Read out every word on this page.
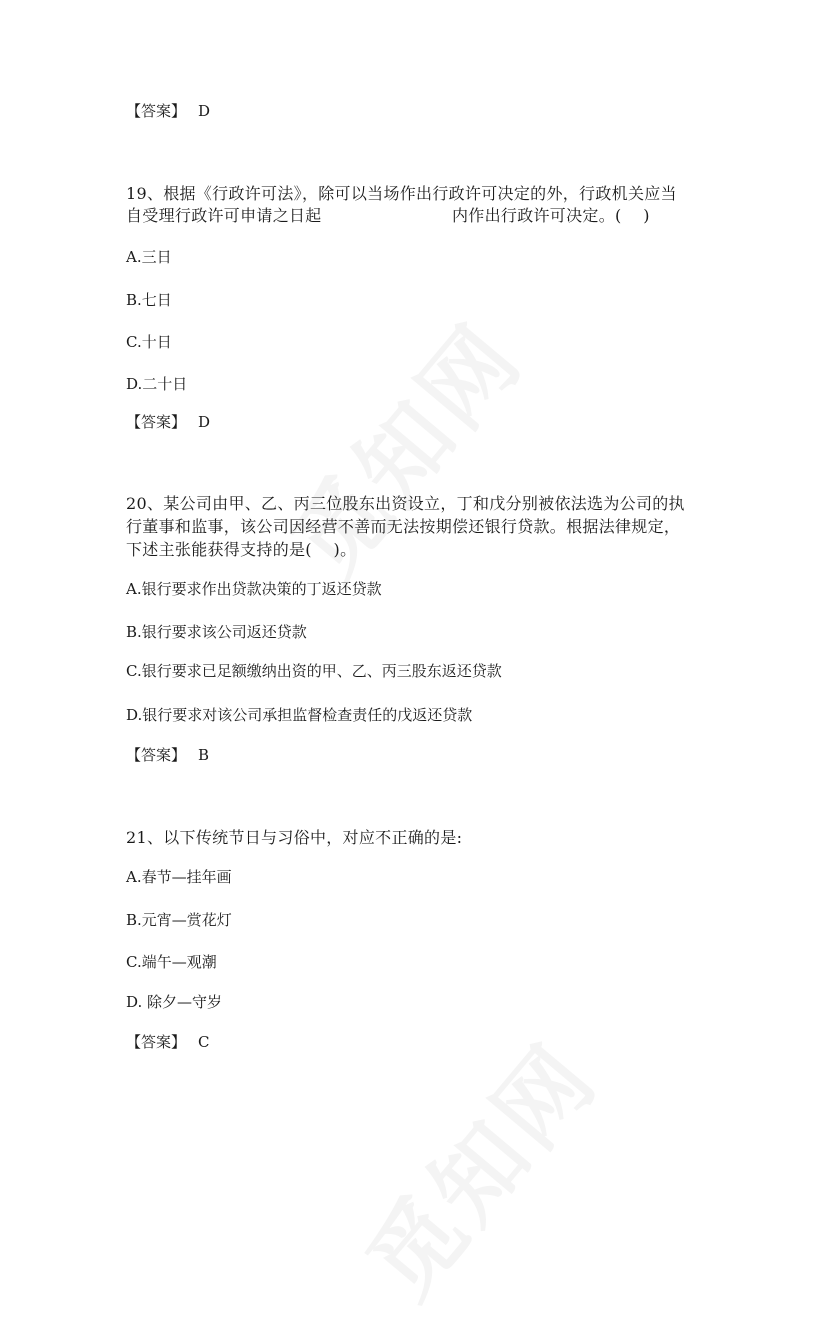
【答案】 D
19、根据《行政许可法》，除可以当场作出行政许可决定的外，行政机关应当
自受理行政许可申请之日起　　　　　　　　内作出行政许可决定。(　 )
A.三日
B.七日
C.十日
D.二十日
【答案】 D
20、某公司由甲、乙、丙三位股东出资设立，丁和戊分别被依法选为公司的执
行董事和监事，该公司因经营不善而无法按期偿还银行贷款。根据法律规定，
下述主张能获得支持的是(　 )。
A.银行要求作出贷款决策的丁返还贷款
B.银行要求该公司返还贷款
C.银行要求已足额缴纳出资的甲、乙、丙三股东返还贷款
D.银行要求对该公司承担监督检查责任的戊返还贷款
【答案】 B
21、以下传统节日与习俗中，对应不正确的是:
A.春节—挂年画
B.元宵—赏花灯
C.端午—观潮
D. 除夕—守岁
【答案】 C
